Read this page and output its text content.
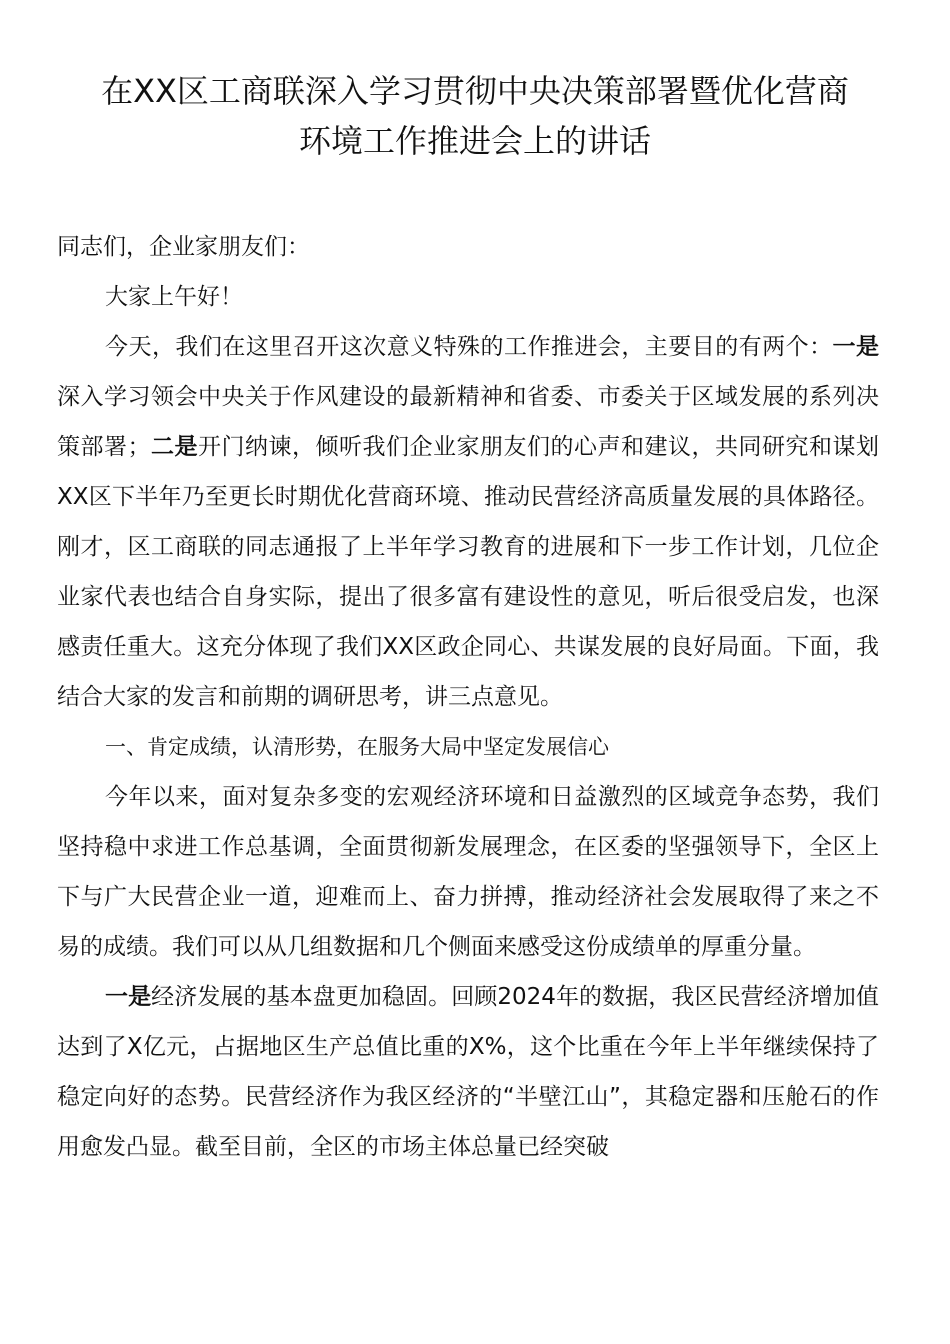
在XX区工商联深入学习贯彻中央决策部署暨优化营商
环境工作推进会上的讲话

同志们，企业家朋友们：

大家上午好！

今天，我们在这里召开这次意义特殊的工作推进会，主要目的有两个：一是深入学习领会中央关于作风建设的最新精神和省委、市委关于区域发展的系列决策部署；二是开门纳谏，倾听我们企业家朋友们的心声和建议，共同研究和谋划XX区下半年乃至更长时期优化营商环境、推动民营经济高质量发展的具体路径。刚才，区工商联的同志通报了上半年学习教育的进展和下一步工作计划，几位企业家代表也结合自身实际，提出了很多富有建设性的意见，听后很受启发，也深感责任重大。这充分体现了我们XX区政企同心、共谋发展的良好局面。下面，我结合大家的发言和前期的调研思考，讲三点意见。

一、肯定成绩，认清形势，在服务大局中坚定发展信心

今年以来，面对复杂多变的宏观经济环境和日益激烈的区域竞争态势，我们坚持稳中求进工作总基调，全面贯彻新发展理念，在区委的坚强领导下，全区上下与广大民营企业一道，迎难而上、奋力拼搏，推动经济社会发展取得了来之不易的成绩。我们可以从几组数据和几个侧面来感受这份成绩单的厚重分量。

一是经济发展的基本盘更加稳固。回顾2024年的数据，我区民营经济增加值达到了X亿元，占据地区生产总值比重的X%，这个比重在今年上半年继续保持了稳定向好的态势。民营经济作为我区经济的“半壁江山”，其稳定器和压舱石的作用愈发凸显。截至目前，全区的市场主体总量已经突破
